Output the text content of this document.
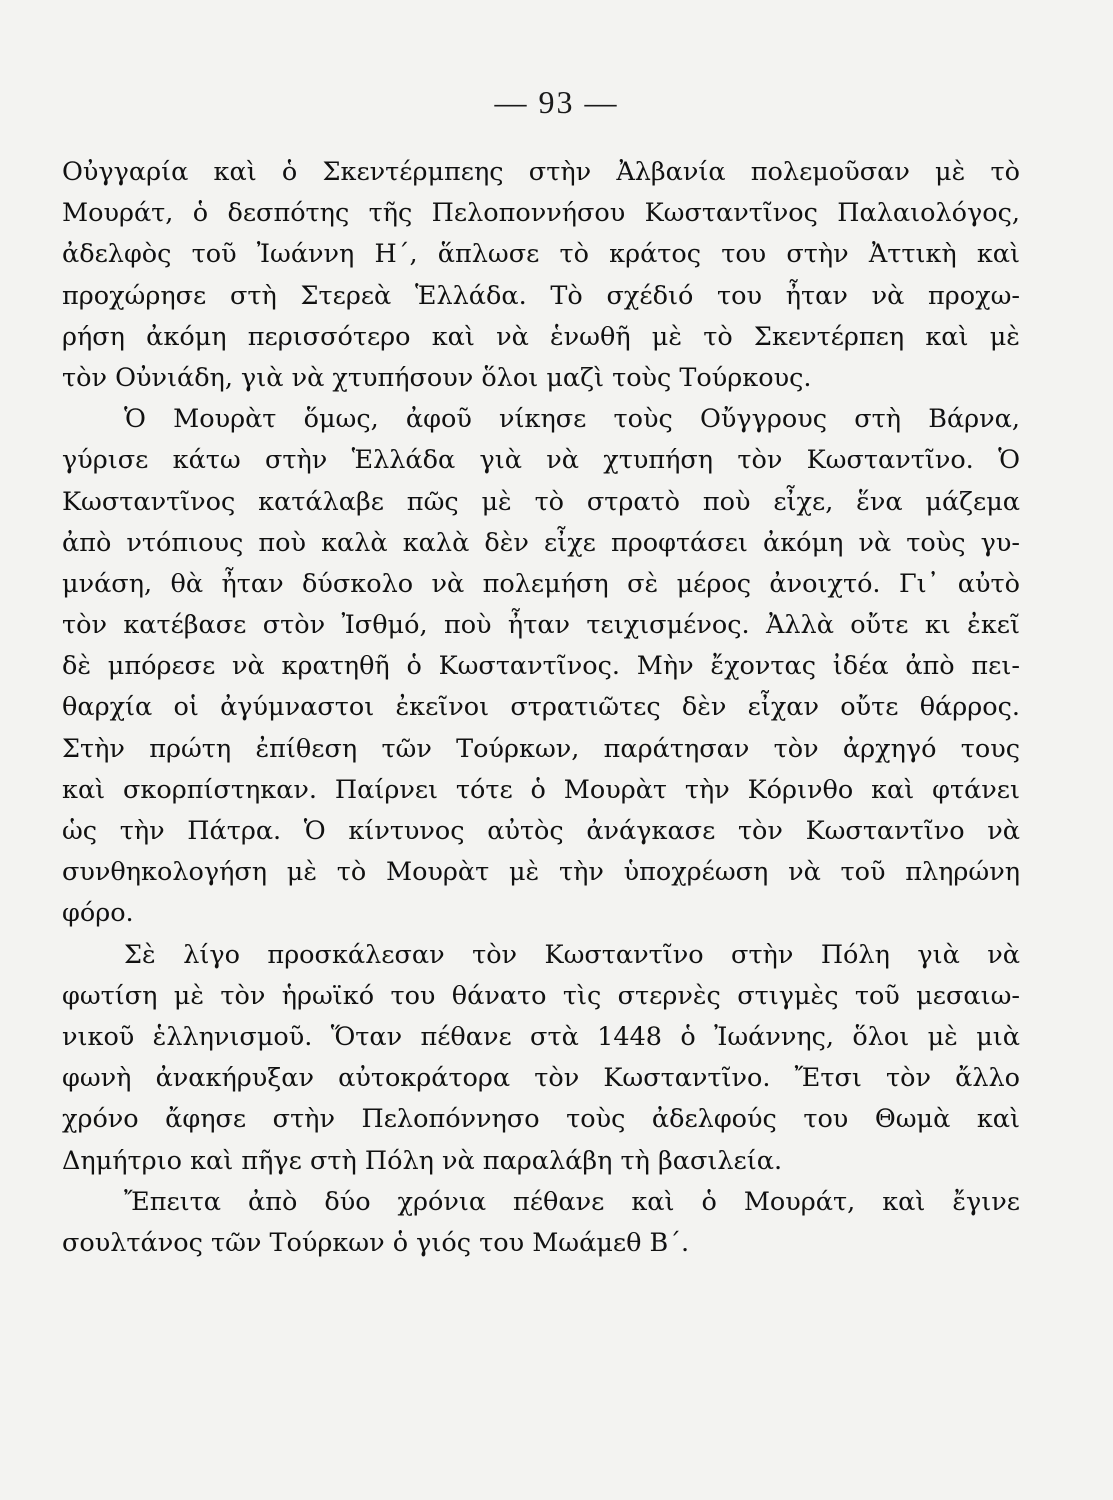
— 93 —
Οὐγγαρία καὶ ὁ Σκεντέρμπεης στὴν Ἀλβανία πολεμοῦσαν μὲ τὸ
Μουράτ, ὁ δεσπότης τῆς Πελοποννήσου Κωσταντῖνος Παλαιολόγος,
ἀδελφὸς τοῦ Ἰωάννη Η΄, ἅπλωσε τὸ κράτος του στὴν Ἀττικὴ καὶ
προχώρησε στὴ Στερεὰ Ἑλλάδα. Τὸ σχέδιό του ἦταν νὰ προχω-
ρήση ἀκόμη περισσότερο καὶ νὰ ἑνωθῆ μὲ τὸ Σκεντέρπεη καὶ μὲ
τὸν Οὐνιάδη, γιὰ νὰ χτυπήσουν ὅλοι μαζὶ τοὺς Τούρκους.
Ὁ Μουρὰτ ὅμως, ἀφοῦ νίκησε τοὺς Οὔγγρους στὴ Βάρνα,
γύρισε κάτω στὴν Ἑλλάδα γιὰ νὰ χτυπήση τὸν Κωσταντῖνο. Ὁ
Κωσταντῖνος κατάλαβε πῶς μὲ τὸ στρατὸ ποὺ εἶχε, ἕνα μάζεμα
ἀπὸ ντόπιους ποὺ καλὰ καλὰ δὲν εἶχε προφτάσει ἀκόμη νὰ τοὺς γυ-
μνάση, θὰ ἦταν δύσκολο νὰ πολεμήση σὲ μέρος ἀνοιχτό. Γι᾿ αὐτὸ
τὸν κατέβασε στὸν Ἰσθμό, ποὺ ἦταν τειχισμένος. Ἀλλὰ οὔτε κι ἐκεῖ
δὲ μπόρεσε νὰ κρατηθῆ ὁ Κωσταντῖνος. Μὴν ἔχοντας ἰδέα ἀπὸ πει-
θαρχία οἱ ἀγύμναστοι ἐκεῖνοι στρατιῶτες δὲν εἶχαν οὔτε θάρρος.
Στὴν πρώτη ἐπίθεση τῶν Τούρκων, παράτησαν τὸν ἀρχηγό τους
καὶ σκορπίστηκαν. Παίρνει τότε ὁ Μουρὰτ τὴν Κόρινθο καὶ φτάνει
ὡς τὴν Πάτρα. Ὁ κίντυνος αὐτὸς ἀνάγκασε τὸν Κωσταντῖνο νὰ
συνθηκολογήση μὲ τὸ Μουρὰτ μὲ τὴν ὑποχρέωση νὰ τοῦ πληρώνη
φόρο.
Σὲ λίγο προσκάλεσαν τὸν Κωσταντῖνο στὴν Πόλη γιὰ νὰ
φωτίση μὲ τὸν ἡρωϊκό του θάνατο τὶς στερνὲς στιγμὲς τοῦ μεσαιω-
νικοῦ ἑλληνισμοῦ. Ὅταν πέθανε στὰ 1448 ὁ Ἰωάννης, ὅλοι μὲ μιὰ
φωνὴ ἀνακήρυξαν αὐτοκράτορα τὸν Κωσταντῖνο. Ἔτσι τὸν ἄλλο
χρόνο ἄφησε στὴν Πελοπόννησο τοὺς ἀδελφούς του Θωμὰ καὶ
Δημήτριο καὶ πῆγε στὴ Πόλη νὰ παραλάβη τὴ βασιλεία.
Ἔπειτα ἀπὸ δύο χρόνια πέθανε καὶ ὁ Μουράτ, καὶ ἔγινε
σουλτάνος τῶν Τούρκων ὁ γιός του Μωάμεθ Β΄.
